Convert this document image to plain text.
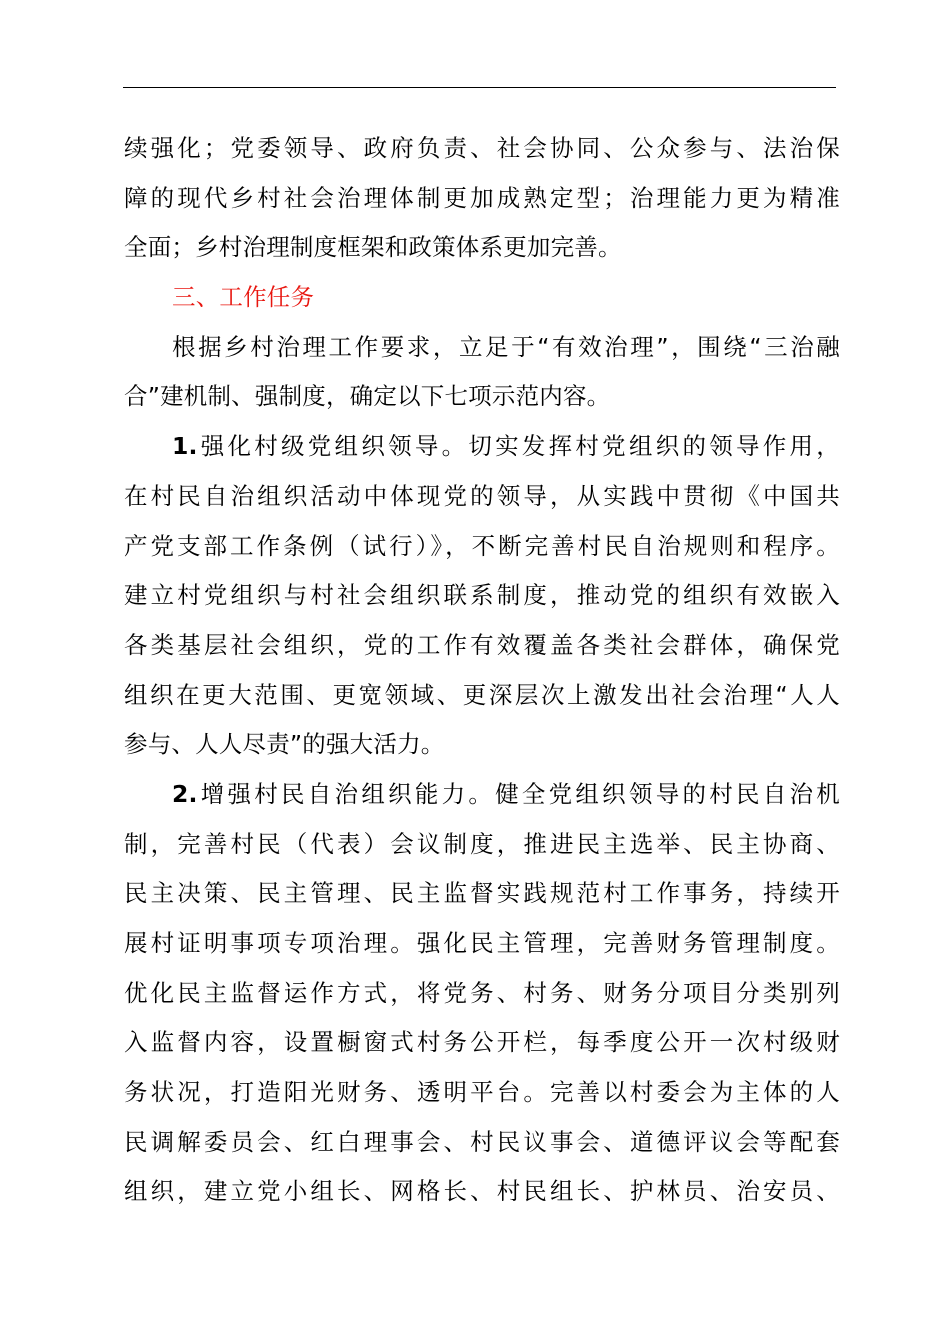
续强化；党委领导、政府负责、社会协同、公众参与、法治保
障的现代乡村社会治理体制更加成熟定型；治理能力更为精准
全面；乡村治理制度框架和政策体系更加完善。
三、工作任务
根据乡村治理工作要求，立足于“有效治理”，围绕“三治融
合”建机制、强制度，确定以下七项示范内容。
1.强化村级党组织领导。切实发挥村党组织的领导作用，
在村民自治组织活动中体现党的领导，从实践中贯彻《中国共
产党支部工作条例（试行）》，不断完善村民自治规则和程序。
建立村党组织与村社会组织联系制度，推动党的组织有效嵌入
各类基层社会组织，党的工作有效覆盖各类社会群体，确保党
组织在更大范围、更宽领域、更深层次上激发出社会治理“人人
参与、人人尽责”的强大活力。
2.增强村民自治组织能力。健全党组织领导的村民自治机
制，完善村民（代表）会议制度，推进民主选举、民主协商、
民主决策、民主管理、民主监督实践规范村工作事务，持续开
展村证明事项专项治理。强化民主管理，完善财务管理制度。
优化民主监督运作方式，将党务、村务、财务分项目分类别列
入监督内容，设置橱窗式村务公开栏，每季度公开一次村级财
务状况，打造阳光财务、透明平台。完善以村委会为主体的人
民调解委员会、红白理事会、村民议事会、道德评议会等配套
组织，建立党小组长、网格长、村民组长、护林员、治安员、
